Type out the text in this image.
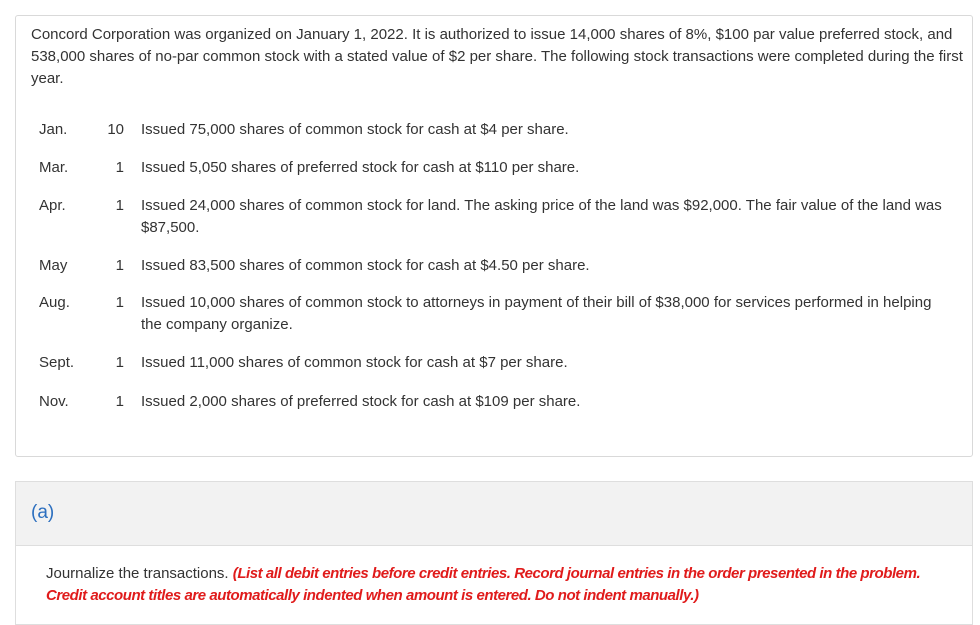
Concord Corporation was organized on January 1, 2022. It is authorized to issue 14,000 shares of 8%, $100 par value preferred stock, and 538,000 shares of no-par common stock with a stated value of $2 per share. The following stock transactions were completed during the first year.

Jan.	10 Issued 75,000 shares of common stock for cash at $4 per share.
Mar.	1 Issued 5,050 shares of preferred stock for cash at $110 per share.
Apr.	1 Issued 24,000 shares of common stock for land. The asking price of the land was $92,000. The fair value of the land was $87,500.
May	1 Issued 83,500 shares of common stock for cash at $4.50 per share.
Aug.	1 Issued 10,000 shares of common stock to attorneys in payment of their bill of $38,000 for services performed in helping the company organize.
Sept.	1 Issued 11,000 shares of common stock for cash at $7 per share.
Nov.	1 Issued 2,000 shares of preferred stock for cash at $109 per share.
(a)

Journalize the transactions. (List all debit entries before credit entries. Record journal entries in the order presented in the problem. Credit account titles are automatically indented when amount is entered. Do not indent manually.)
